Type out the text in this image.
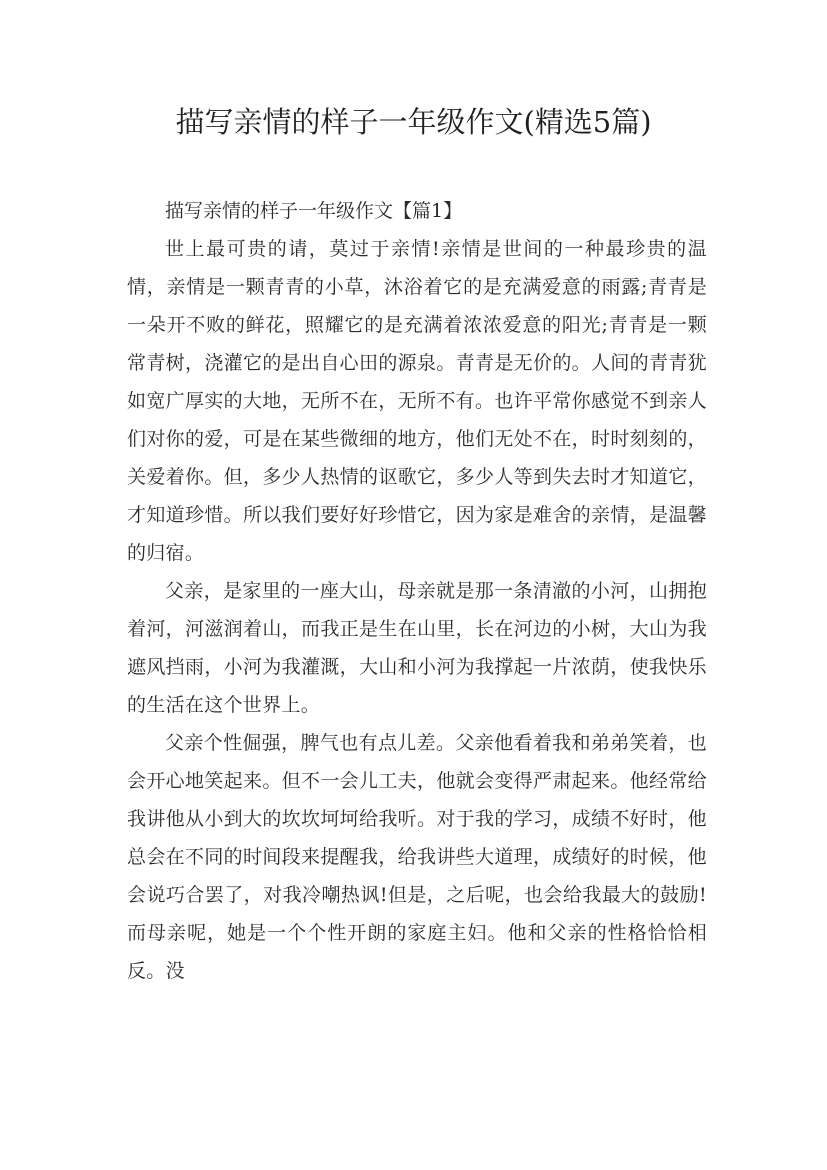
描写亲情的样子一年级作文(精选5篇)

描写亲情的样子一年级作文【篇1】

世上最可贵的请，莫过于亲情!亲情是世间的一种最珍贵的温情，亲情是一颗青青的小草，沐浴着它的是充满爱意的雨露;青青是一朵开不败的鲜花，照耀它的是充满着浓浓爱意的阳光;青青是一颗常青树，浇灌它的是出自心田的源泉。青青是无价的。人间的青青犹如宽广厚实的大地，无所不在，无所不有。也许平常你感觉不到亲人们对你的爱，可是在某些微细的地方，他们无处不在，时时刻刻的，关爱着你。但，多少人热情的讴歌它，多少人等到失去时才知道它，才知道珍惜。所以我们要好好珍惜它，因为家是难舍的亲情，是温馨的归宿。

父亲，是家里的一座大山，母亲就是那一条清澈的小河，山拥抱着河，河滋润着山，而我正是生在山里，长在河边的小树，大山为我遮风挡雨，小河为我灌溉，大山和小河为我撑起一片浓荫，使我快乐的生活在这个世界上。

父亲个性倔强，脾气也有点儿差。父亲他看着我和弟弟笑着，也会开心地笑起来。但不一会儿工夫，他就会变得严肃起来。他经常给我讲他从小到大的坎坎坷坷给我听。对于我的学习，成绩不好时，他总会在不同的时间段来提醒我，给我讲些大道理，成绩好的时候，他会说巧合罢了，对我冷嘲热讽!但是，之后呢，也会给我最大的鼓励!而母亲呢，她是一个个性开朗的家庭主妇。他和父亲的性格恰恰相反。没
